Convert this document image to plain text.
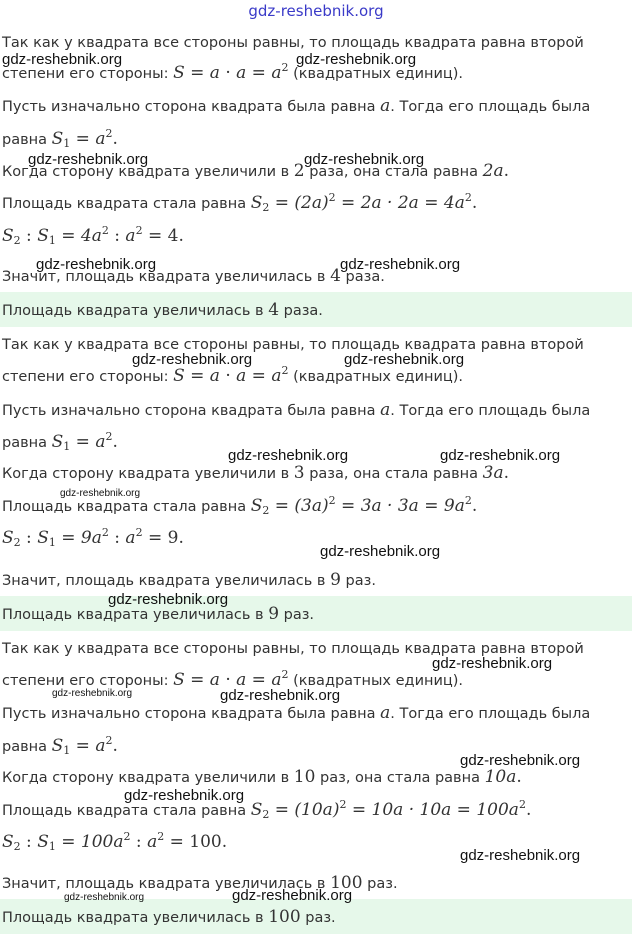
gdz-reshebnik.org
Так как у квадрата все стороны равны, то площадь квадрата равна второй
степени его стороны: $S = a \cdot a = a^2$ (квадратных единиц).
Пусть изначально сторона квадрата была равна a. Тогда его площадь была
равна $S_1 = a^2$.
Когда сторону квадрата увеличили в 2 раза, она стала равна 2a.
Площадь квадрата стала равна $S_2 = (2a)^2 = 2a \cdot 2a = 4a^2$.
$S_2$ : $S_1 = 4a^2$ : $a^2 = 4$.
Значит, площадь квадрата увеличилась в 4 раза.
Площадь квадрата увеличилась в 4 раза.
Так как у квадрата все стороны равны, то площадь квадрата равна второй
степени его стороны: $S = a \cdot a = a^2$ (квадратных единиц).
Пусть изначально сторона квадрата была равна a. Тогда его площадь была
равна $S_1 = a^2$.
Когда сторону квадрата увеличили в 3 раза, она стала равна 3a.
Площадь квадрата стала равна $S_2 = (3a)^2 = 3a \cdot 3a = 9a^2$.
$S_2$ : $S_1 = 9a^2$ : $a^2 = 9$.
Значит, площадь квадрата увеличилась в 9 раз.
Площадь квадрата увеличилась в 9 раз.
Так как у квадрата все стороны равны, то площадь квадрата равна второй
степени его стороны: $S = a \cdot a = a^2$ (квадратных единиц).
Пусть изначально сторона квадрата была равна a. Тогда его площадь была
равна $S_1 = a^2$.
Когда сторону квадрата увеличили в 10 раз, она стала равна 10a.
Площадь квадрата стала равна $S_2 = (10a)^2 = 10a \cdot 10a = 100a^2$.
$S_2$ : $S_1 = 100a^2$ : $a^2 = 100$.
Значит, площадь квадрата увеличилась в 100 раз.
Площадь квадрата увеличилась в 100 раз.
gdz-reshebnik.org	gdz-reshebnik.org
gdz-reshebnik.org	gdz-reshebnik.org
gdz-reshebnik.org	gdz-reshebnik.org
gdz-reshebnik.org	gdz-reshebnik.org
gdz-reshebnik.org	gdz-reshebnik.org
gdz-reshebnik.org
gdz-reshebnik.org
gdz-reshebnik.org
gdz-reshebnik.org
gdz-reshebnik.org	gdz-reshebnik.org
gdz-reshebnik.org
gdz-reshebnik.org
gdz-reshebnik.org
gdz-reshebnik.org	gdz-reshebnik.org
